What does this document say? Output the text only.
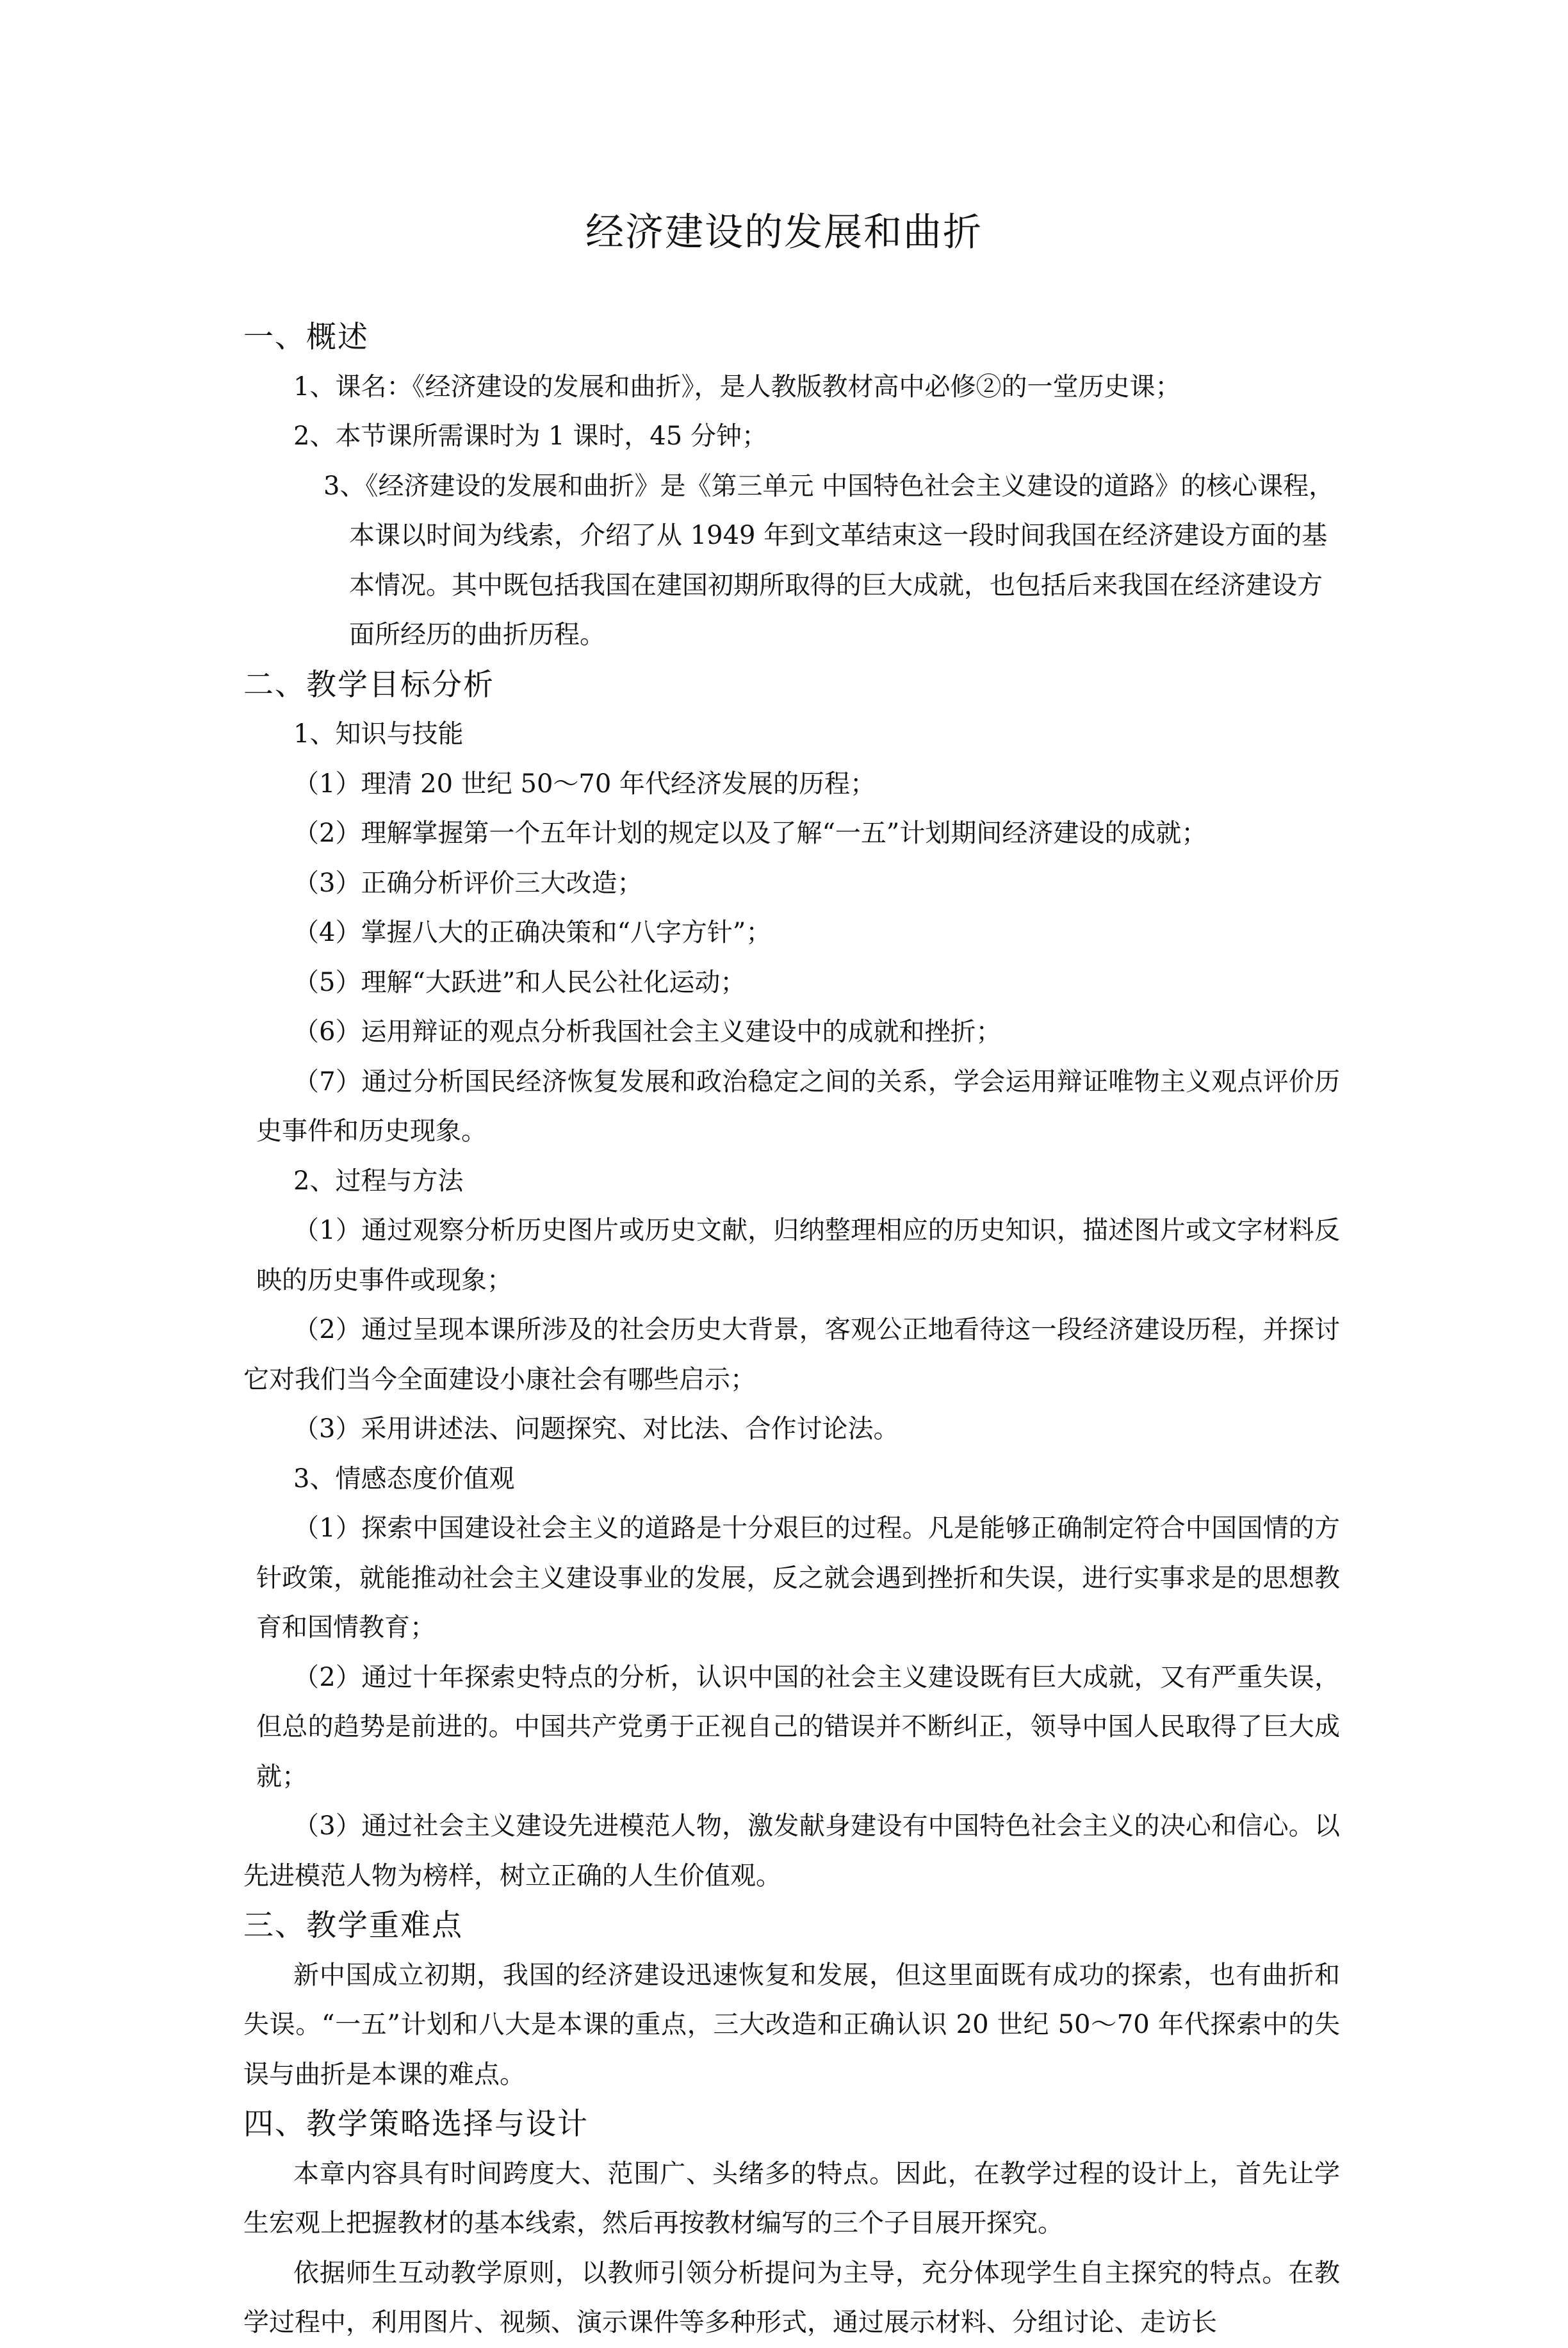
经济建设的发展和曲折

一、概述

1、课名：《经济建设的发展和曲折》，是人教版教材高中必修②的一堂历史课；

2、本节课所需课时为 1 课时，45 分钟；

3、《经济建设的发展和曲折》是《第三单元 中国特色社会主义建设的道路》的核心课程，本课以时间为线索，介绍了从 1949 年到文革结束这一段时间我国在经济建设方面的基本情况。其中既包括我国在建国初期所取得的巨大成就，也包括后来我国在经济建设方面所经历的曲折历程。

二、教学目标分析

1、知识与技能

（1）理清 20 世纪 50～70 年代经济发展的历程；

（2）理解掌握第一个五年计划的规定以及了解“一五”计划期间经济建设的成就；

（3）正确分析评价三大改造；

（4）掌握八大的正确决策和“八字方针”；

（5）理解“大跃进”和人民公社化运动；

（6）运用辩证的观点分析我国社会主义建设中的成就和挫折；

（7）通过分析国民经济恢复发展和政治稳定之间的关系，学会运用辩证唯物主义观点评价历史事件和历史现象。

2、过程与方法

（1）通过观察分析历史图片或历史文献，归纳整理相应的历史知识，描述图片或文字材料反映的历史事件或现象；

（2）通过呈现本课所涉及的社会历史大背景，客观公正地看待这一段经济建设历程，并探讨它对我们当今全面建设小康社会有哪些启示；

（3）采用讲述法、问题探究、对比法、合作讨论法。

3、情感态度价值观

（1）探索中国建设社会主义的道路是十分艰巨的过程。凡是能够正确制定符合中国国情的方针政策，就能推动社会主义建设事业的发展，反之就会遇到挫折和失误，进行实事求是的思想教育和国情教育；

（2）通过十年探索史特点的分析，认识中国的社会主义建设既有巨大成就，又有严重失误，但总的趋势是前进的。中国共产党勇于正视自己的错误并不断纠正，领导中国人民取得了巨大成就；

（3）通过社会主义建设先进模范人物，激发献身建设有中国特色社会主义的决心和信心。以先进模范人物为榜样，树立正确的人生价值观。

三、教学重难点

新中国成立初期，我国的经济建设迅速恢复和发展，但这里面既有成功的探索，也有曲折和失误。“一五”计划和八大是本课的重点，三大改造和正确认识 20 世纪 50～70 年代探索中的失误与曲折是本课的难点。

四、教学策略选择与设计

本章内容具有时间跨度大、范围广、头绪多的特点。因此，在教学过程的设计上，首先让学生宏观上把握教材的基本线索，然后再按教材编写的三个子目展开探究。

依据师生互动教学原则，以教师引领分析提问为主导，充分体现学生自主探究的特点。在教学过程中，利用图片、视频、演示课件等多种形式，通过展示材料、分组讨论、走访长
